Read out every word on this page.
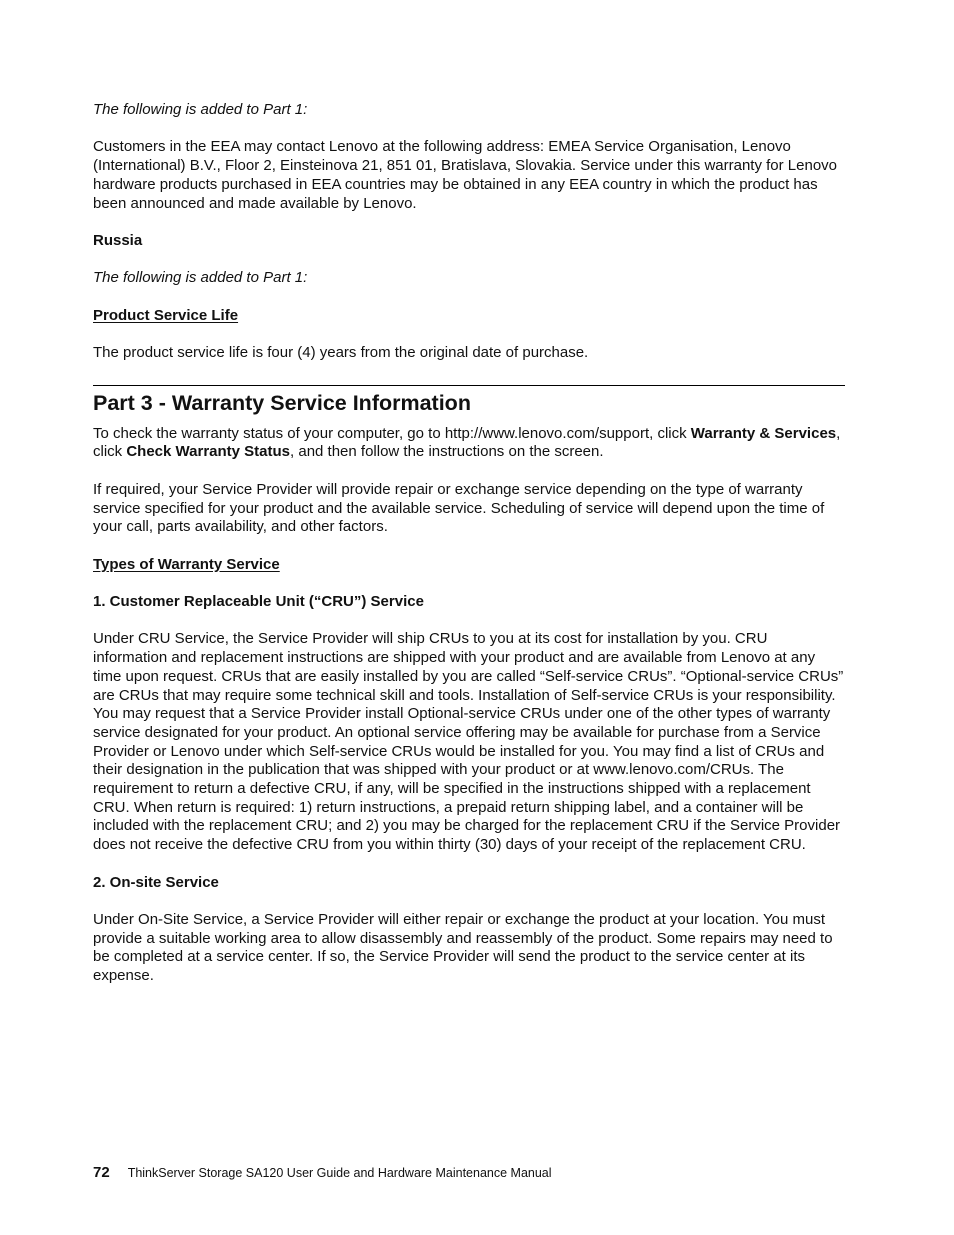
The following is added to Part 1:

Customers in the EEA may contact Lenovo at the following address: EMEA Service Organisation, Lenovo (International) B.V., Floor 2, Einsteinova 21, 851 01, Bratislava, Slovakia. Service under this warranty for Lenovo hardware products purchased in EEA countries may be obtained in any EEA country in which the product has been announced and made available by Lenovo.

Russia

The following is added to Part 1:

Product Service Life

The product service life is four (4) years from the original date of purchase.

Part 3 - Warranty Service Information

To check the warranty status of your computer, go to http://www.lenovo.com/support, click Warranty & Services, click Check Warranty Status, and then follow the instructions on the screen.

If required, your Service Provider will provide repair or exchange service depending on the type of warranty service specified for your product and the available service. Scheduling of service will depend upon the time of your call, parts availability, and other factors.

Types of Warranty Service

1. Customer Replaceable Unit (“CRU”) Service

Under CRU Service, the Service Provider will ship CRUs to you at its cost for installation by you. CRU information and replacement instructions are shipped with your product and are available from Lenovo at any time upon request. CRUs that are easily installed by you are called “Self-service CRUs”. “Optional-service CRUs” are CRUs that may require some technical skill and tools. Installation of Self-service CRUs is your responsibility. You may request that a Service Provider install Optional-service CRUs under one of the other types of warranty service designated for your product. An optional service offering may be available for purchase from a Service Provider or Lenovo under which Self-service CRUs would be installed for you. You may find a list of CRUs and their designation in the publication that was shipped with your product or at www.lenovo.com/CRUs. The requirement to return a defective CRU, if any, will be specified in the instructions shipped with a replacement CRU. When return is required: 1) return instructions, a prepaid return shipping label, and a container will be included with the replacement CRU; and 2) you may be charged for the replacement CRU if the Service Provider does not receive the defective CRU from you within thirty (30) days of your receipt of the replacement CRU.

2. On-site Service

Under On-Site Service, a Service Provider will either repair or exchange the product at your location. You must provide a suitable working area to allow disassembly and reassembly of the product. Some repairs may need to be completed at a service center. If so, the Service Provider will send the product to the service center at its expense.

72 ThinkServer Storage SA120 User Guide and Hardware Maintenance Manual
